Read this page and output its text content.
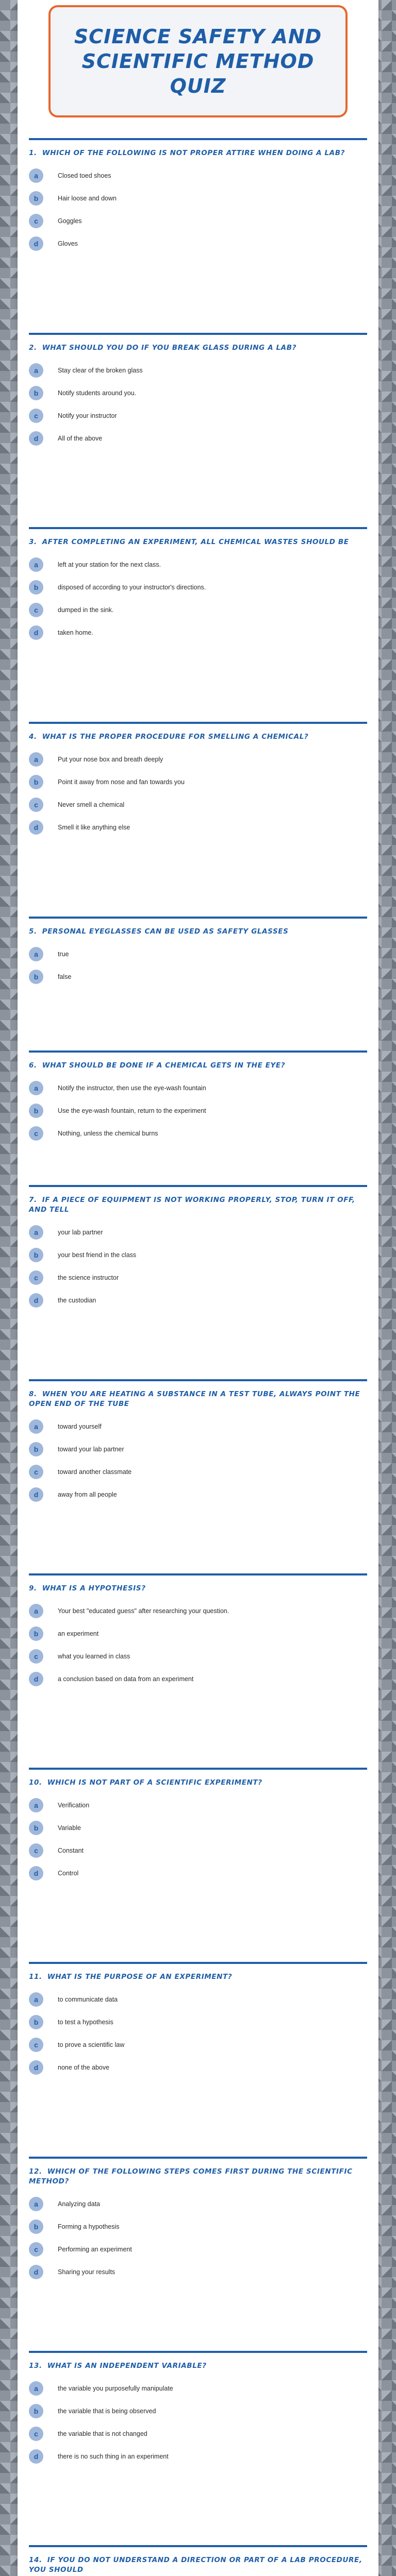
SCIENCE SAFETY AND SCIENTIFIC METHOD QUIZ
1. WHICH OF THE FOLLOWING IS NOT PROPER ATTIRE WHEN DOING A LAB?
a	Closed toed shoes
b	Hair loose and down
c	Goggles
d	Gloves
2. WHAT SHOULD YOU DO IF YOU BREAK GLASS DURING A LAB?
a	Stay clear of the broken glass
b	Notify students around you.
c	Notify your instructor
d	All of the above
3. AFTER COMPLETING AN EXPERIMENT, ALL CHEMICAL WASTES SHOULD BE
a	left at your station for the next class.
b	disposed of according to your instructor's directions.
c	dumped in the sink.
d	taken home.
4. WHAT IS THE PROPER PROCEDURE FOR SMELLING A CHEMICAL?
a	Put your nose box and breath deeply
b	Point it away from nose and fan towards you
c	Never smell a chemical
d	Smell it like anything else
5. PERSONAL EYEGLASSES CAN BE USED AS SAFETY GLASSES
a	true
b	false
6. WHAT SHOULD BE DONE IF A CHEMICAL GETS IN THE EYE?
a	Notify the instructor, then use the eye-wash fountain
b	Use the eye-wash fountain, return to the experiment
c	Nothing, unless the chemical burns
7. IF A PIECE OF EQUIPMENT IS NOT WORKING PROPERLY, STOP, TURN IT OFF, AND TELL
a	your lab partner
b	your best friend in the class
c	the science instructor
d	the custodian
8. WHEN YOU ARE HEATING A SUBSTANCE IN A TEST TUBE, ALWAYS POINT THE OPEN END OF THE TUBE
a	toward yourself
b	toward your lab partner
c	toward another classmate
d	away from all people
9. WHAT IS A HYPOTHESIS?
a	Your best "educated guess" after researching your question.
b	an experiment
c	what you learned in class
d	a conclusion based on data from an experiment
10. WHICH IS NOT PART OF A SCIENTIFIC EXPERIMENT?
a	Verification
b	Variable
c	Constant
d	Control
11. WHAT IS THE PURPOSE OF AN EXPERIMENT?
a	to communicate data
b	to test a hypothesis
c	to prove a scientific law
d	none of the above
12. WHICH OF THE FOLLOWING STEPS COMES FIRST DURING THE SCIENTIFIC METHOD?
a	Analyzing data
b	Forming a hypothesis
c	Performing an experiment
d	Sharing your results
13. WHAT IS AN INDEPENDENT VARIABLE?
a	the variable you purposefully manipulate
b	the variable that is being observed
c	the variable that is not changed
d	there is no such thing in an experiment
14. IF YOU DO NOT UNDERSTAND A DIRECTION OR PART OF A LAB PROCEDURE, YOU SHOULD
